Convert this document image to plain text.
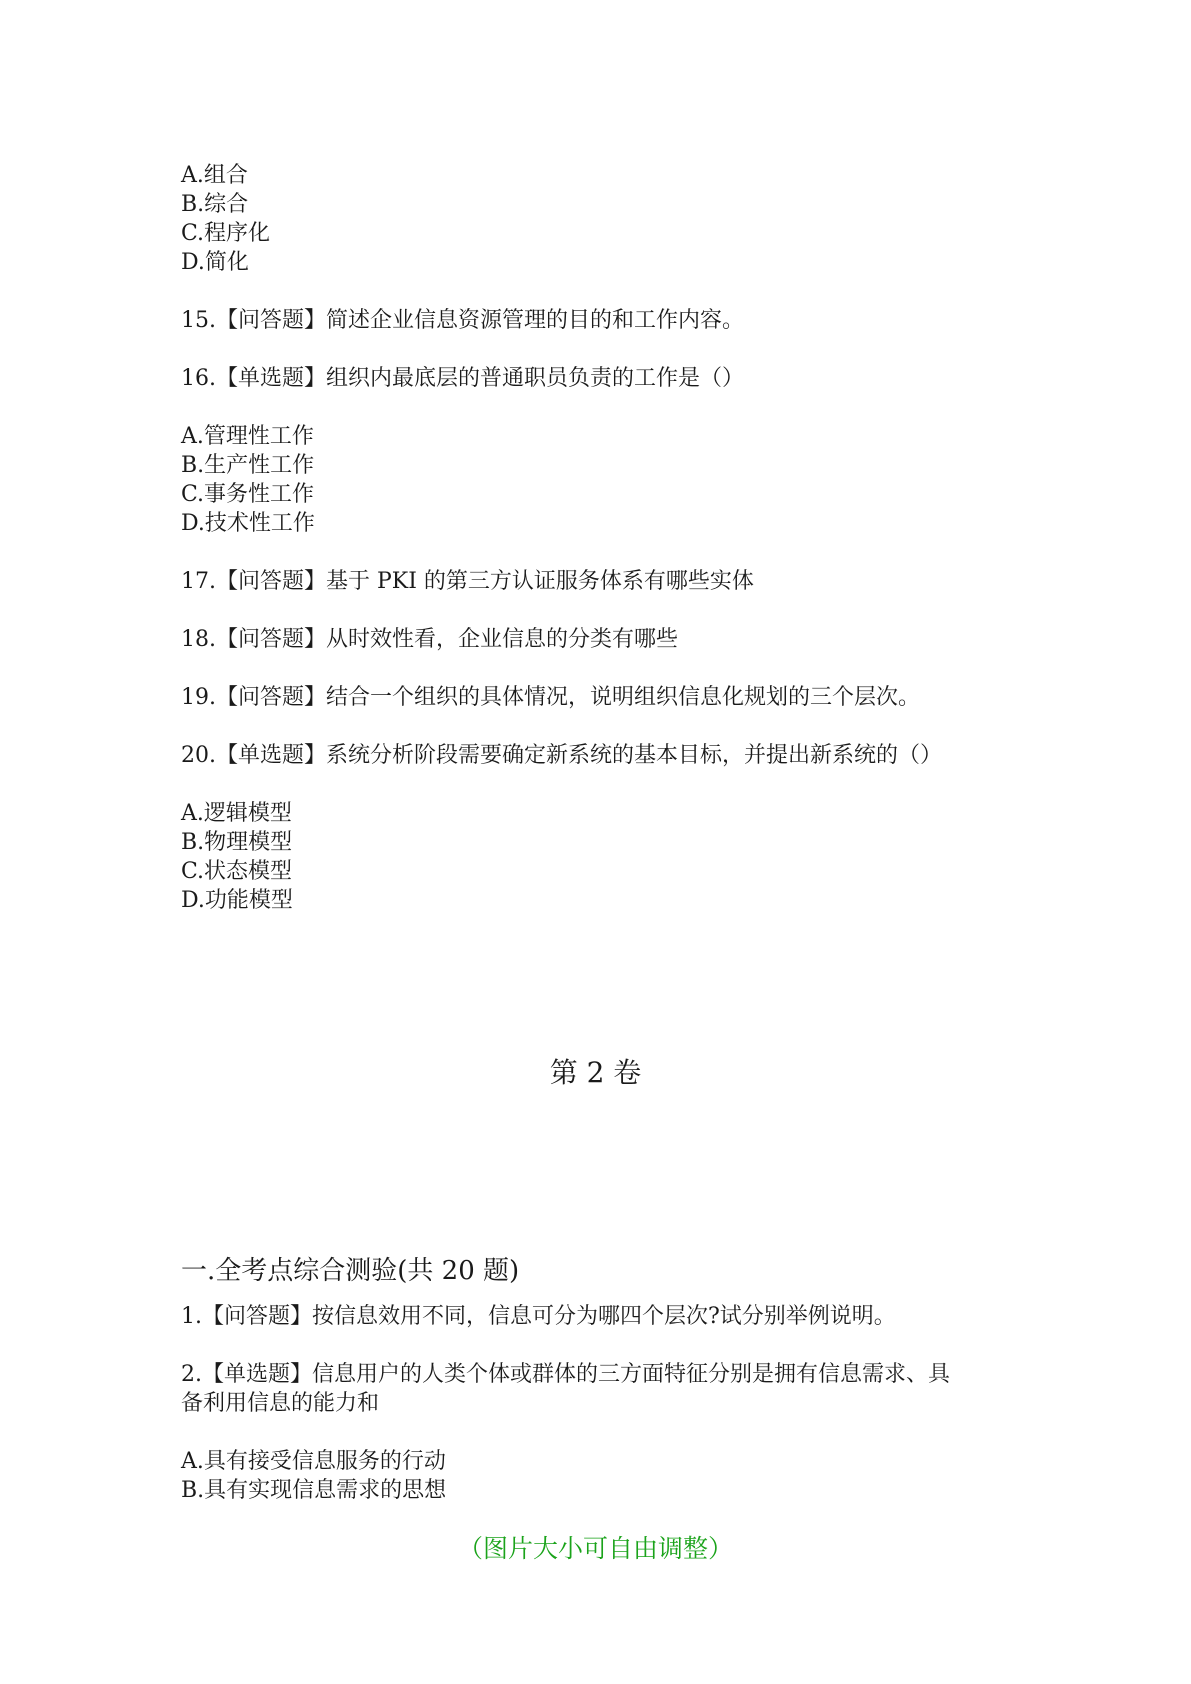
A.组合
B.综合
C.程序化
D.简化
15.【问答题】简述企业信息资源管理的目的和工作内容。
16.【单选题】组织内最底层的普通职员负责的工作是（）
A.管理性工作
B.生产性工作
C.事务性工作
D.技术性工作
17.【问答题】基于 PKI 的第三方认证服务体系有哪些实体
18.【问答题】从时效性看，企业信息的分类有哪些
19.【问答题】结合一个组织的具体情况，说明组织信息化规划的三个层次。
20.【单选题】系统分析阶段需要确定新系统的基本目标，并提出新系统的（）
A.逻辑模型
B.物理模型
C.状态模型
D.功能模型
第 2 卷
一.全考点综合测验(共 20 题)
1.【问答题】按信息效用不同，信息可分为哪四个层次?试分别举例说明。
2.【单选题】信息用户的人类个体或群体的三方面特征分别是拥有信息需求、具
备利用信息的能力和
A.具有接受信息服务的行动
B.具有实现信息需求的思想
（图片大小可自由调整）
